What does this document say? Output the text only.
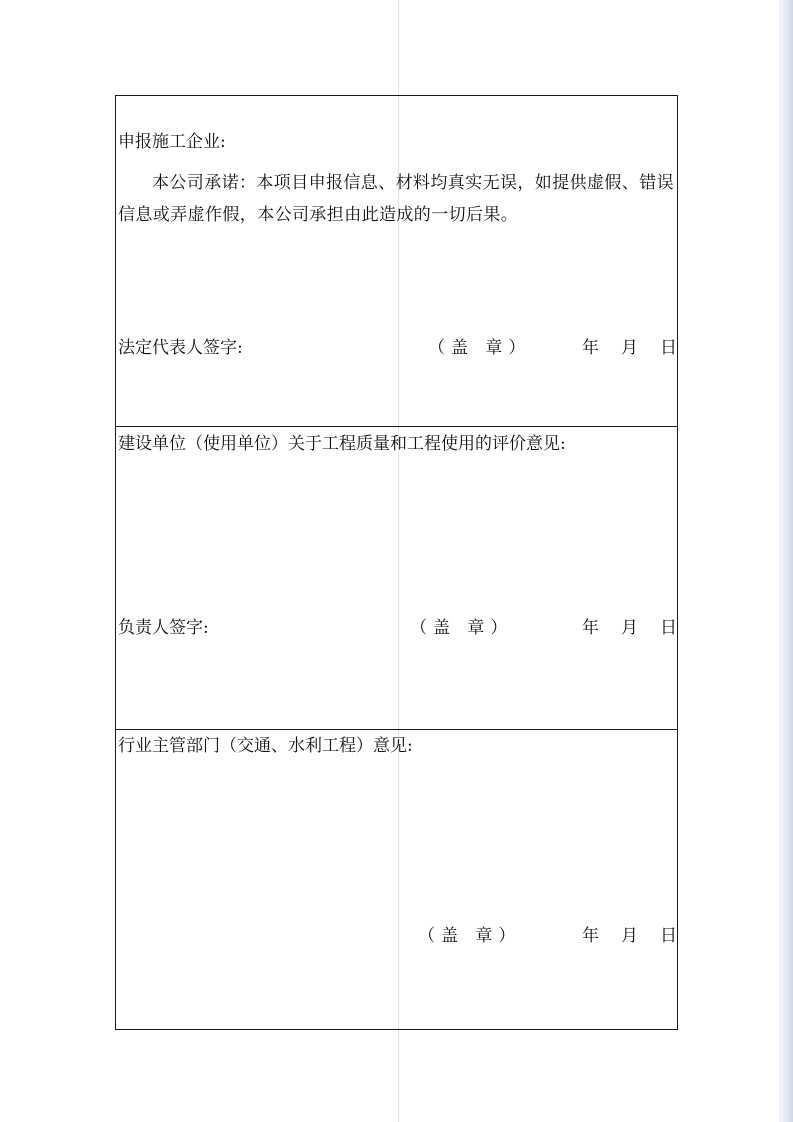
申报施工企业:
本公司承诺：本项目申报信息、材料均真实无误，如提供虚假、错误信息或弄虚作假，本公司承担由此造成的一切后果。
法定代表人签字:	（盖 章）	年 月 日
建设单位（使用单位）关于工程质量和工程使用的评价意见:
负责人签字:	（盖 章）	年 月 日
行业主管部门（交通、水利工程）意见:
（盖 章）	年 月 日
